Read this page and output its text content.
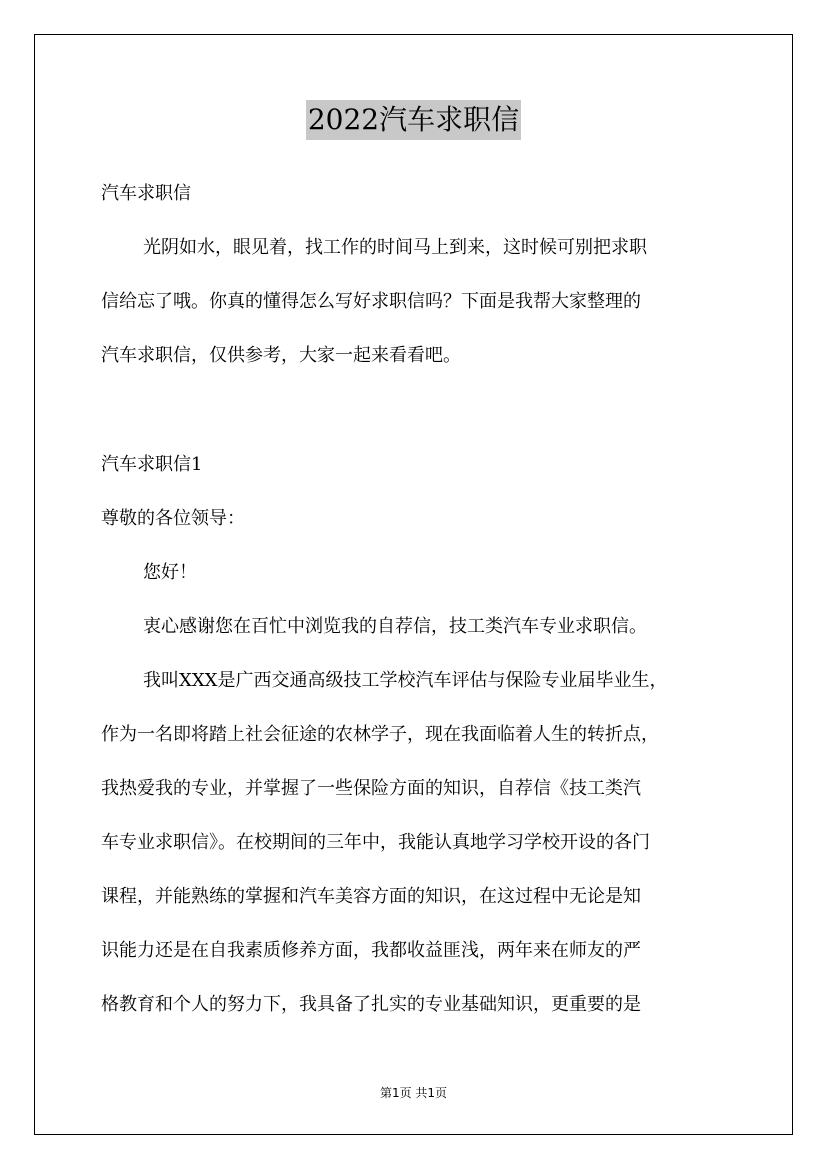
2022汽车求职信
汽车求职信
光阴如水，眼见着，找工作的时间马上到来，这时候可别把求职
信给忘了哦。你真的懂得怎么写好求职信吗？下面是我帮大家整理的
汽车求职信，仅供参考，大家一起来看看吧。
汽车求职信1
尊敬的各位领导：
您好！
衷心感谢您在百忙中浏览我的自荐信，技工类汽车专业求职信。
我叫XXX是广西交通高级技工学校汽车评估与保险专业届毕业生，
作为一名即将踏上社会征途的农林学子，现在我面临着人生的转折点，
我热爱我的专业，并掌握了一些保险方面的知识，自荐信《技工类汽
车专业求职信》。在校期间的三年中，我能认真地学习学校开设的各门
课程，并能熟练的掌握和汽车美容方面的知识，在这过程中无论是知
识能力还是在自我素质修养方面，我都收益匪浅，两年来在师友的严
格教育和个人的努力下，我具备了扎实的专业基础知识，更重要的是
第1页 共1页
